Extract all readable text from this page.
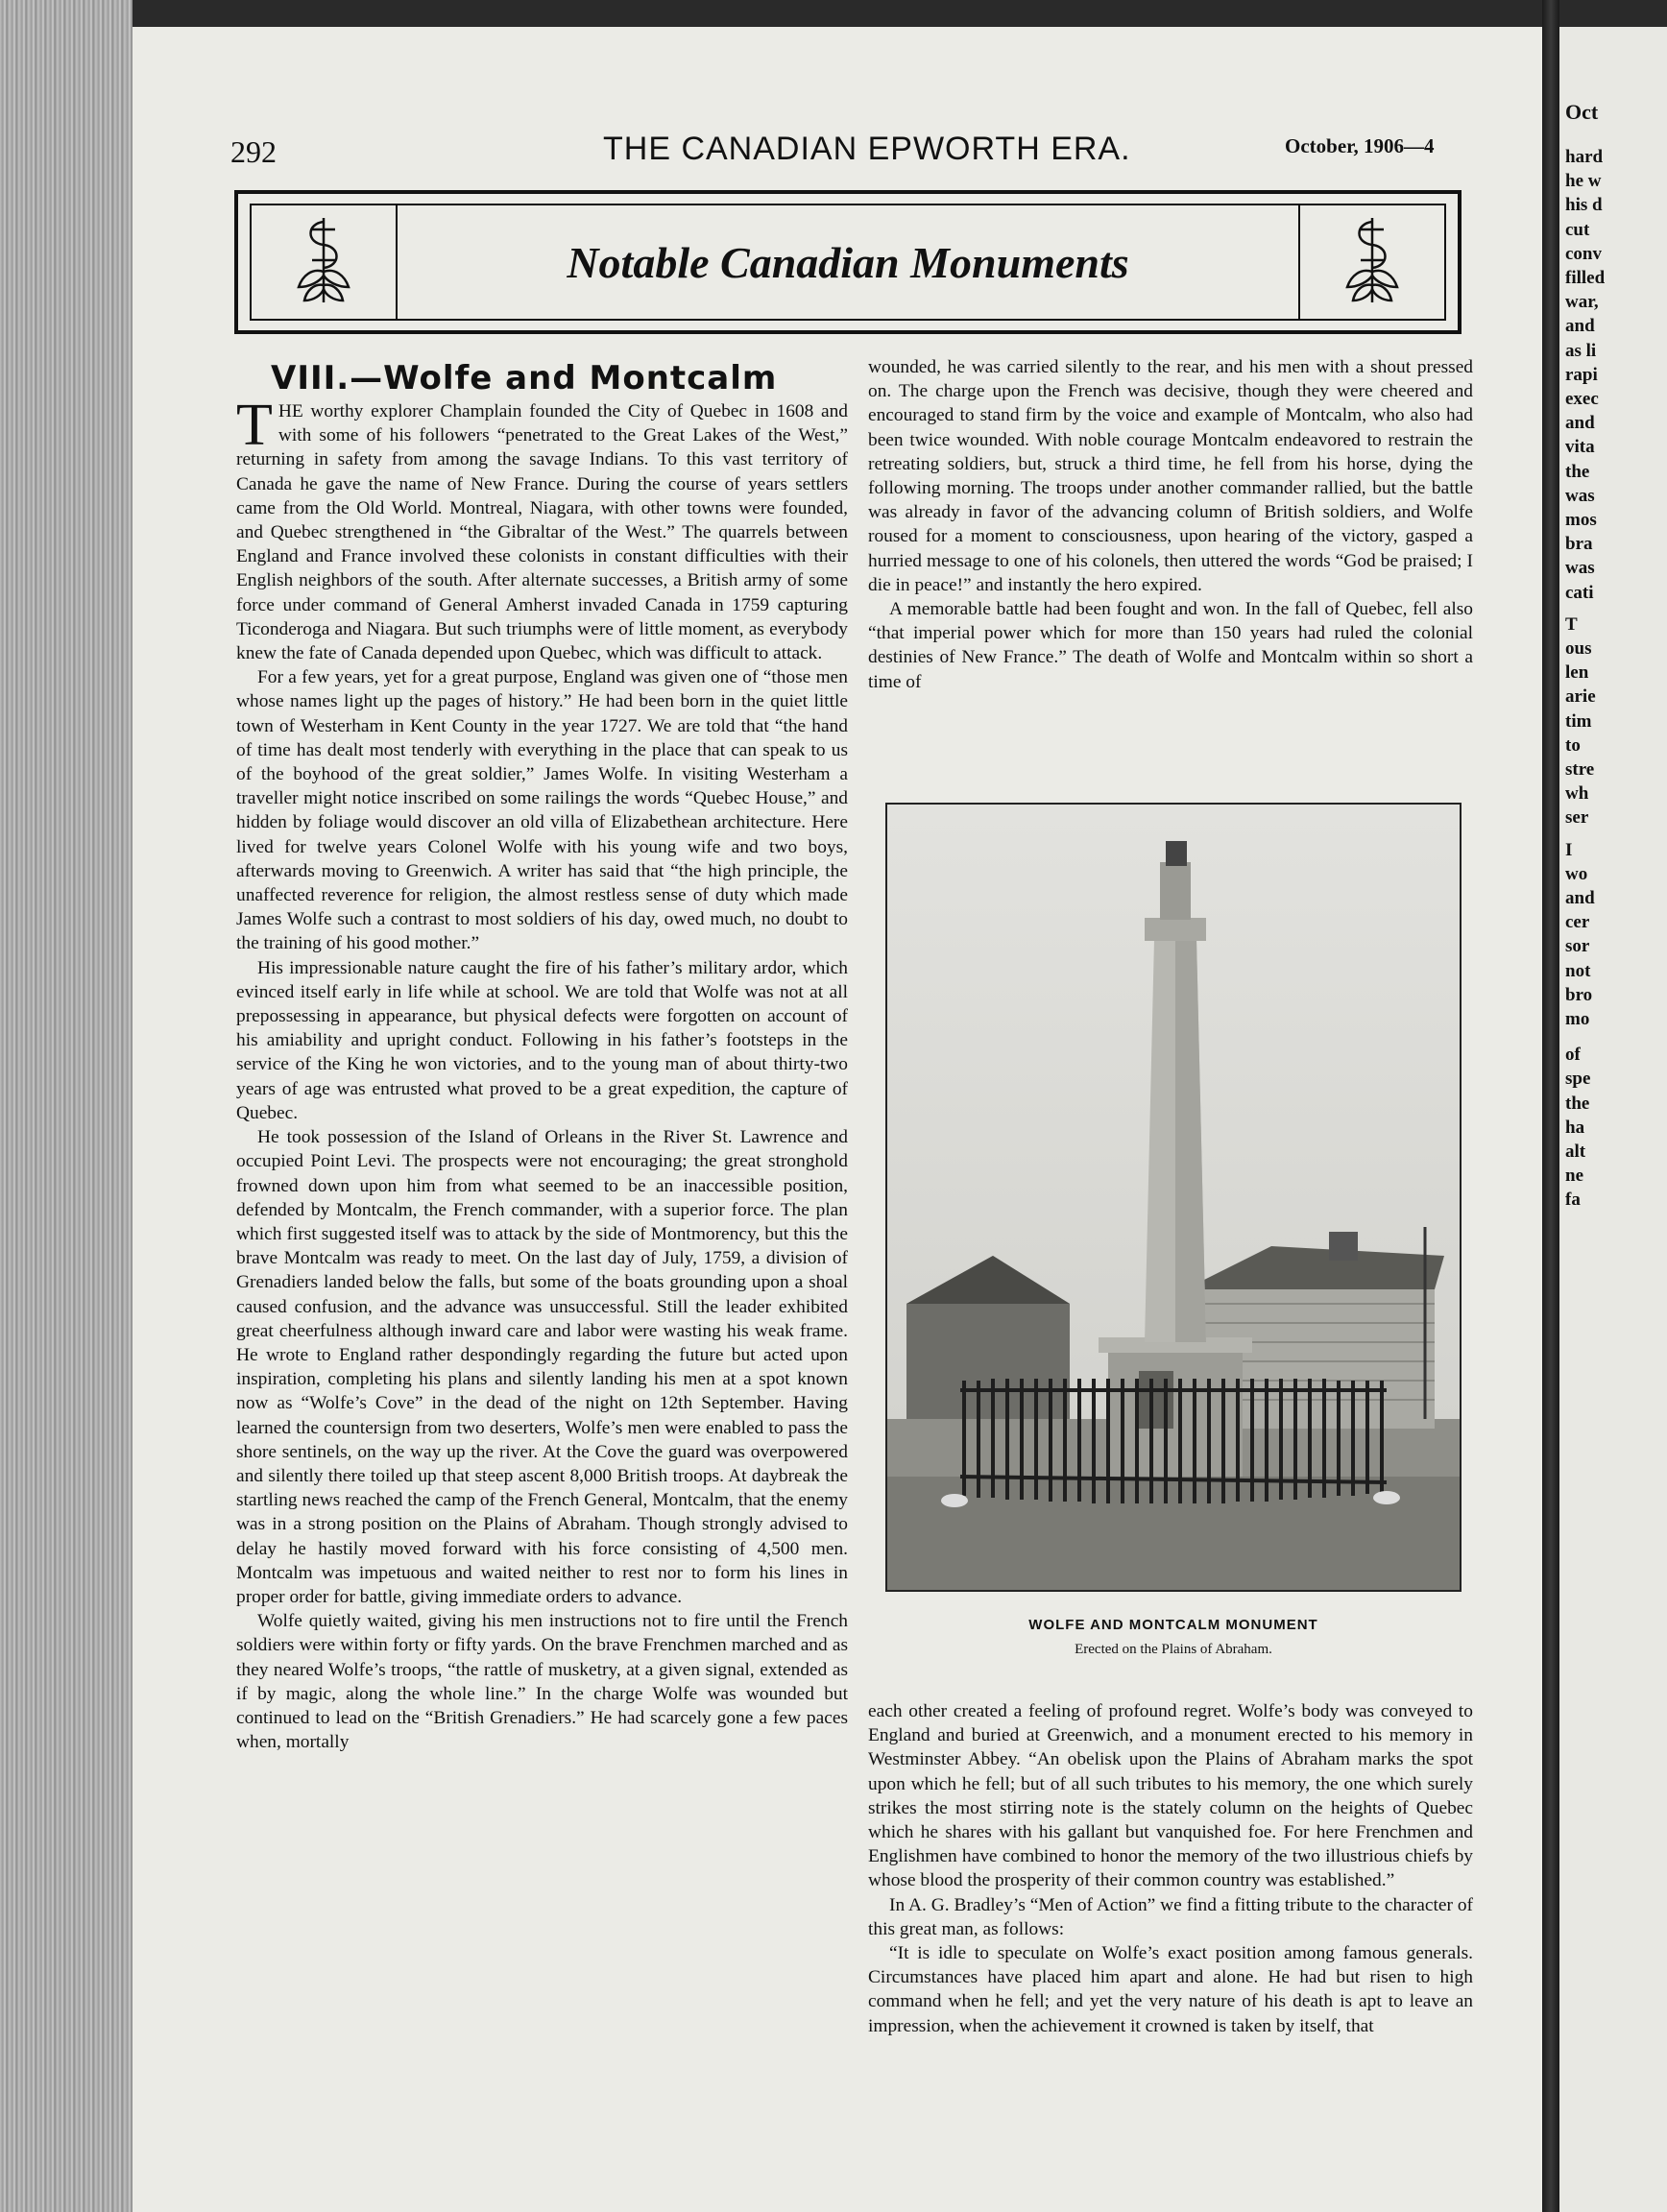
292	THE CANADIAN EPWORTH ERA.	October, 1906—4
Notable Canadian Monuments
VIII.—Wolfe and Montcalm

THE worthy explorer Champlain founded the City of Quebec in 1608 and with some of his followers “penetrated to the Great Lakes of the West,” returning in safety from among the savage Indians. To this vast territory of Canada he gave the name of New France. During the course of years settlers came from the Old World. Montreal, Niagara, with other towns were founded, and Quebec strengthened in “the Gibraltar of the West.” The quarrels between England and France involved these colonists in constant difficulties with their English neighbors of the south. After alternate successes, a British army of some force under command of General Amherst invaded Canada in 1759 capturing Ticonderoga and Niagara. But such triumphs were of little moment, as everybody knew the fate of Canada depended upon Quebec, which was difficult to attack.

For a few years, yet for a great purpose, England was given one of “those men whose names light up the pages of history.” He had been born in the quiet little town of Westerham in Kent County in the year 1727. We are told that “the hand of time has dealt most tenderly with everything in the place that can speak to us of the boyhood of the great soldier,” James Wolfe. In visiting Westerham a traveller might notice inscribed on some railings the words “Quebec House,” and hidden by foliage would discover an old villa of Elizabethean architecture. Here lived for twelve years Colonel Wolfe with his young wife and two boys, afterwards moving to Greenwich. A writer has said that “the high principle, the unaffected reverence for religion, the almost restless sense of duty which made James Wolfe such a contrast to most soldiers of his day, owed much, no doubt to the training of his good mother.”

His impressionable nature caught the fire of his father’s military ardor, which evinced itself early in life while at school. We are told that Wolfe was not at all prepossessing in appearance, but physical defects were forgotten on account of his amiability and upright conduct. Following in his father’s footsteps in the service of the King he won victories, and to the young man of about thirty-two years of age was entrusted what proved to be a great expedition, the capture of Quebec.

He took possession of the Island of Orleans in the River St. Lawrence and occupied Point Levi. The prospects were not encouraging; the great stronghold frowned down upon him from what seemed to be an inaccessible position, defended by Montcalm, the French commander, with a superior force. The plan which first suggested itself was to attack by the side of Montmorency, but this the brave Montcalm was ready to meet. On the last day of July, 1759, a division of Grenadiers landed below the falls, but some of the boats grounding upon a shoal caused confusion, and the advance was unsuccessful. Still the leader exhibited great cheerfulness although inward care and labor were wasting his weak frame. He wrote to England rather despondingly regarding the future but acted upon inspiration, completing his plans and silently landing his men at a spot known now as “Wolfe’s Cove” in the dead of the night on 12th September. Having learned the countersign from two deserters, Wolfe’s men were enabled to pass the shore sentinels, on the way up the river. At the Cove the guard was overpowered and silently there toiled up that steep ascent 8,000 British troops. At daybreak the startling news reached the camp of the French General, Montcalm, that the enemy was in a strong position on the Plains of Abraham. Though strongly advised to delay he hastily moved forward with his force consisting of 4,500 men. Montcalm was impetuous and waited neither to rest nor to form his lines in proper order for battle, giving immediate orders to advance.

Wolfe quietly waited, giving his men instructions not to fire until the French soldiers were within forty or fifty yards. On the brave Frenchmen marched and as they neared Wolfe’s troops, “the rattle of musketry, at a given signal, extended as if by magic, along the whole line.” In the charge Wolfe was wounded but continued to lead on the “British Grenadiers.” He had scarcely gone a few paces when, mortally

wounded, he was carried silently to the rear, and his men with a shout pressed on. The charge upon the French was decisive, though they were cheered and encouraged to stand firm by the voice and example of Montcalm, who also had been twice wounded. With noble courage Montcalm endeavored to restrain the retreating soldiers, but, struck a third time, he fell from his horse, dying the following morning. The troops under another commander rallied, but the battle was already in favor of the advancing column of British soldiers, and Wolfe roused for a moment to consciousness, upon hearing of the victory, gasped a hurried message to one of his colonels, then uttered the words “God be praised; I die in peace!” and instantly the hero expired.

A memorable battle had been fought and won. In the fall of Quebec, fell also “that imperial power which for more than 150 years had ruled the colonial destinies of New France.” The death of Wolfe and Montcalm within so short a time of

WOLFE AND MONTCALM MONUMENT
Erected on the Plains of Abraham.

each other created a feeling of profound regret. Wolfe’s body was conveyed to England and buried at Greenwich, and a monument erected to his memory in Westminster Abbey. “An obelisk upon the Plains of Abraham marks the spot upon which he fell; but of all such tributes to his memory, the one which surely strikes the most stirring note is the stately column on the heights of Quebec which he shares with his gallant but vanquished foe. For here Frenchmen and Englishmen have combined to honor the memory of the two illustrious chiefs by whose blood the prosperity of their common country was established.”

In A. G. Bradley’s “Men of Action” we find a fitting tribute to the character of this great man, as follows:

“It is idle to speculate on Wolfe’s exact position among famous generals. Circumstances have placed him apart and alone. He had but risen to high command when he fell; and yet the very nature of his death is apt to leave an impression, when the achievement it crowned is taken by itself, that

Oct
hard
he w
his d
cut
conv
filled
war,
and
as li
rapi
exec
and
vita
the
was
mos
bra
was
cati
T
ous
len
arie
tim
to
stre
wh
ser
I
wo
and
cer
sor
not
bro
mo
of
spe
the
ha
alt
ne
fa
